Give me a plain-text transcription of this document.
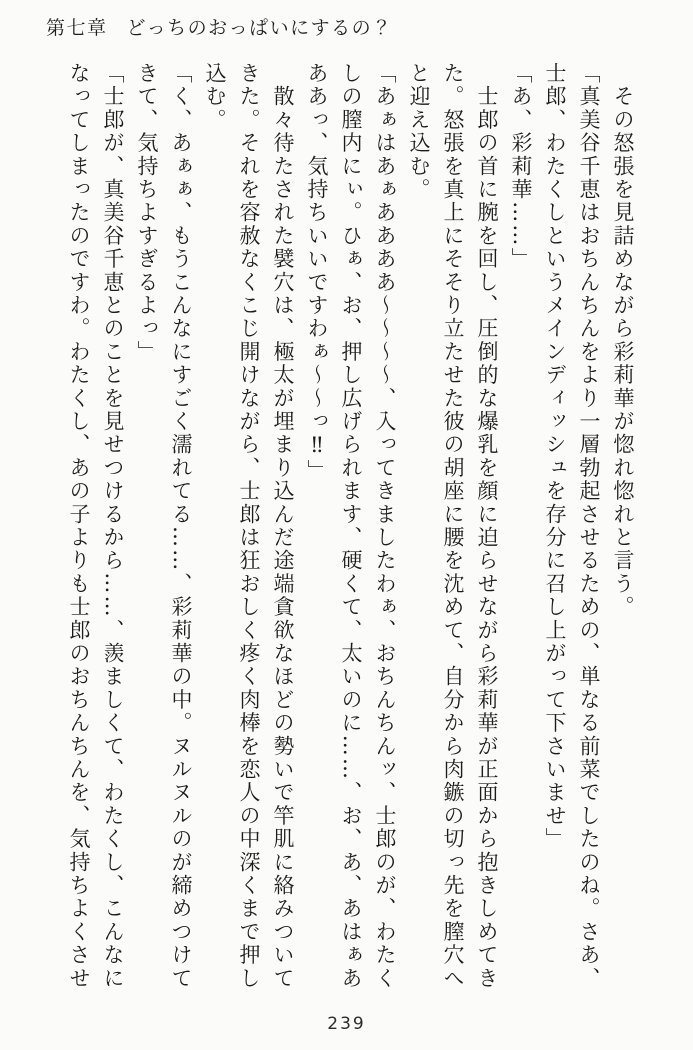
第七章 どっちのおっぱいにするの？
　その怒張を見詰めながら彩莉華が惚れ惚れと言う。
「真美谷千恵はおちんちんをより一層勃起させるための、単なる前菜でしたのね。さあ、
士郎、わたくしというメインディッシュを存分に召し上がって下さいませ」
「あ、彩莉華……」
　士郎の首に腕を回し、圧倒的な爆乳を顔に迫らせながら彩莉華が正面から抱きしめてき
た。怒張を真上にそそり立たせた彼の胡座に腰を沈めて、自分から肉鏃の切っ先を膣穴へ
と迎え込む。
「あぁはあぁああああ〜〜〜〜、入ってきましたわぁ、おちんちんッ、士郎のが、わたく
しの膣内にぃ。ひぁ、お、押し広げられます、硬くて、太いのに……、お、あ、あはぁあ
ああっ、気持ちいいですわぁ〜〜っ‼」
　散々待たされた襞穴は、極太が埋まり込んだ途端貪欲なほどの勢いで竿肌に絡みついて
きた。それを容赦なくこじ開けながら、士郎は狂おしく疼く肉棒を恋人の中深くまで押し
込む。
「く、あぁぁ、もうこんなにすごく濡れてる……、彩莉華の中。ヌルヌルのが締めつけて
きて、気持ちよすぎるよっ」
「士郎が、真美谷千恵とのことを見せつけるから……、羨ましくて、わたくし、こんなに
なってしまったのですわ。わたくし、あの子よりも士郎のおちんちんを、気持ちよくさせ
239
